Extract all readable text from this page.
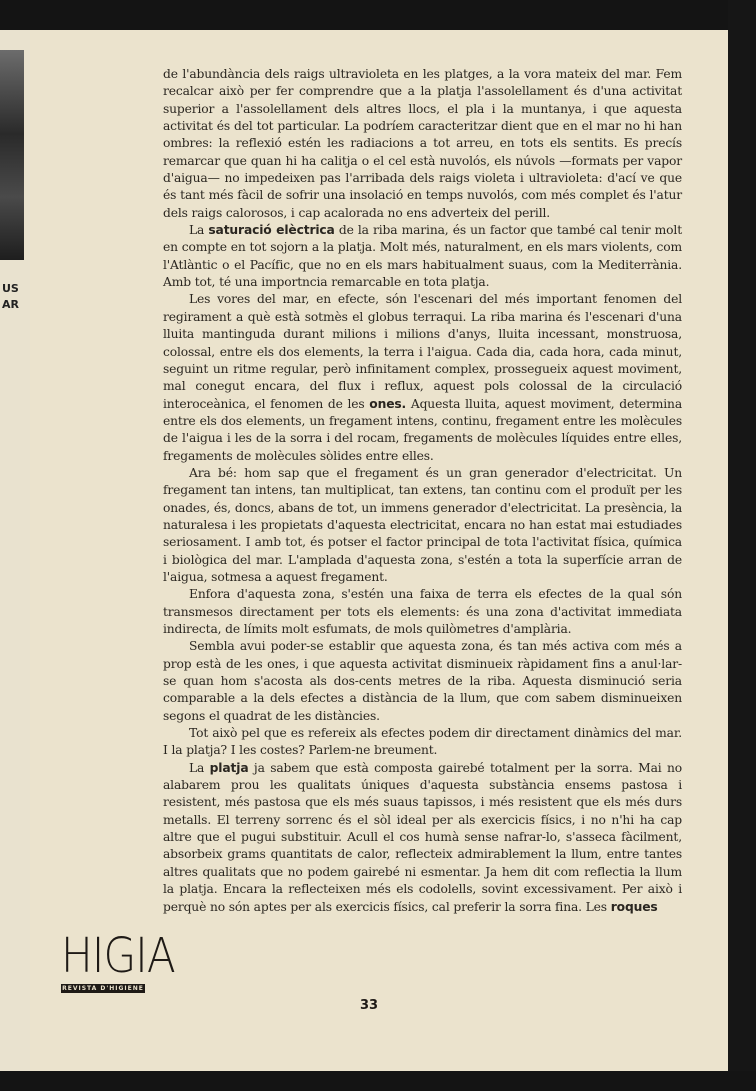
US
AR

de l'abundància dels raigs ultravioleta en les platges, a la vora mateix del mar. Fem recalcar això per fer comprendre que a la platja l'assolellament és d'una activitat superior a l'assolellament dels altres llocs, el pla i la muntanya, i que aquesta activitat és del tot particular. La podríem caracteritzar dient que en el mar no hi han ombres: la reflexió estén les radiacions a tot arreu, en tots els sentits. Es precís remarcar que quan hi ha calitja o el cel està nuvolós, els núvols —formats per vapor d'aigua— no impedeixen pas l'arribada dels raigs violeta i ultravioleta: d'ací ve que és tant més fàcil de sofrir una insolació en temps nuvolós, com més complet és l'atur dels raigs calorosos, i cap acalorada no ens adverteix del perill.

La saturació elèctrica de la riba marina, és un factor que també cal tenir molt en compte en tot sojorn a la platja. Molt més, naturalment, en els mars violents, com l'Atlàntic o el Pacífic, que no en els mars habitualment suaus, com la Mediterrània. Amb tot, té una importncia remarcable en tota platja.

Les vores del mar, en efecte, són l'escenari del més important fenomen del regirament a què està sotmès el globus terraqui. La riba marina és l'escenari d'una lluita mantinguda durant milions i milions d'anys, lluita incessant, monstruosa, colossal, entre els dos elements, la terra i l'aigua. Cada dia, cada hora, cada minut, seguint un ritme regular, però infinitament complex, prossegueix aquest moviment, mal conegut encara, del flux i reflux, aquest pols colossal de la circulació interoceànica, el fenomen de les ones. Aquesta lluita, aquest moviment, determina entre els dos elements, un fregament intens, continu, fregament entre les molècules de l'aigua i les de la sorra i del rocam, fregaments de molècules líquides entre elles, fregaments de molècules sòlides entre elles.

Ara bé: hom sap que el fregament és un gran generador d'electricitat. Un fregament tan intens, tan multiplicat, tan extens, tan continu com el produït per les onades, és, doncs, abans de tot, un immens generador d'electricitat. La presència, la naturalesa i les propietats d'aquesta electricitat, encara no han estat mai estudiades seriosament. I amb tot, és potser el factor principal de tota l'activitat física, química i biològica del mar. L'amplada d'aquesta zona, s'estén a tota la superfície arran de l'aigua, sotmesa a aquest fregament.

Enfora d'aquesta zona, s'estén una faixa de terra els efectes de la qual són transmesos directament per tots els elements: és una zona d'activitat immediata indirecta, de límits molt esfumats, de mols quilòmetres d'amplària.

Sembla avui poder-se establir que aquesta zona, és tan més activa com més a prop està de les ones, i que aquesta activitat disminueix ràpidament fins a anul·lar-se quan hom s'acosta als dos-cents metres de la riba. Aquesta disminució seria comparable a la dels efectes a distància de la llum, que com sabem disminueixen segons el quadrat de les distàncies.

Tot això pel que es refereix als efectes podem dir directament dinàmics del mar. I la platja? I les costes? Parlem-ne breument.

La platja ja sabem que està composta gairebé totalment per la sorra. Mai no alabarem prou les qualitats úniques d'aquesta substància ensems pastosa i resistent, més pastosa que els més suaus tapissos, i més resistent que els més durs metalls. El terreny sorrenc és el sòl ideal per als exercicis físics, i no n'hi ha cap altre que el pugui substituir. Acull el cos humà sense nafrar-lo, s'asseca fàcilment, absorbeix grams quantitats de calor, reflecteix admirablement la llum, entre tantes altres qualitats que no podem gairebé ni esmentar. Ja hem dit com reflectia la llum la platja. Encara la reflecteixen més els codolells, sovint excessivament. Per això i perquè no són aptes per als exercicis físics, cal preferir la sorra fina. Les roques

HIGIA
REVISTA D'HIGIENE
33
